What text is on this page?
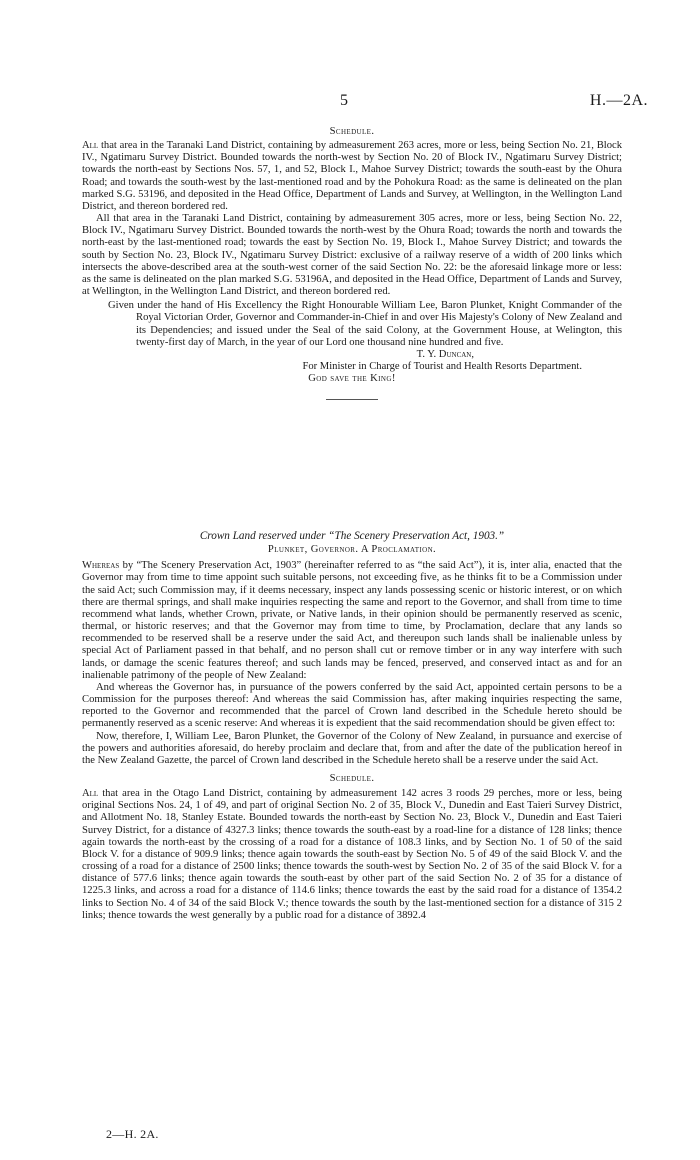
5	H.—2A.

Schedule.

All that area in the Taranaki Land District, containing by admeasurement 263 acres, more or less, being Section No. 21, Block IV., Ngatimaru Survey District. Bounded towards the north-west by Section No. 20 of Block IV., Ngatimaru Survey District; towards the north-east by Sections Nos. 57, 1, and 52, Block I., Mahoe Survey District; towards the south-east by the Ohura Road; and towards the south-west by the last-mentioned road and by the Pohokura Road: as the same is delineated on the plan marked S.G. 53196, and deposited in the Head Office, Department of Lands and Survey, at Wellington, in the Wellington Land District, and thereon bordered red.

All that area in the Taranaki Land District, containing by admeasurement 305 acres, more or less, being Section No. 22, Block IV., Ngatimaru Survey District. Bounded towards the north-west by the Ohura Road; towards the north and towards the north-east by the last-mentioned road; towards the east by Section No. 19, Block I., Mahoe Survey District; and towards the south by Section No. 23, Block IV., Ngatimaru Survey District: exclusive of a railway reserve of a width of 200 links which intersects the above-described area at the south-west corner of the said Section No. 22: be the aforesaid linkage more or less: as the same is delineated on the plan marked S.G. 53196A, and deposited in the Head Office, Department of Lands and Survey, at Wellington, in the Wellington Land District, and thereon bordered red.

Given under the hand of His Excellency the Right Honourable William Lee, Baron Plunket, Knight Commander of the Royal Victorian Order, Governor and Commander-in-Chief in and over His Majesty's Colony of New Zealand and its Dependencies; and issued under the Seal of the said Colony, at the Government House, at Welington, this twenty-first day of March, in the year of our Lord one thousand nine hundred and five.

T. Y. Duncan,

For Minister in Charge of Tourist and Health Resorts Department.

God save the King!

Crown Land reserved under “The Scenery Preservation Act, 1903.”

Plunket, Governor. A Proclamation.

Whereas by “The Scenery Preservation Act, 1903” (hereinafter referred to as “the said Act”), it is, inter alia, enacted that the Governor may from time to time appoint such suitable persons, not exceeding five, as he thinks fit to be a Commission under the said Act; such Commission may, if it deems necessary, inspect any lands possessing scenic or historic interest, or on which there are thermal springs, and shall make inquiries respecting the same and report to the Governor, and shall from time to time recommend what lands, whether Crown, private, or Native lands, in their opinion should be permanently reserved as scenic, thermal, or historic reserves; and that the Governor may from time to time, by Proclamation, declare that any lands so recommended to be reserved shall be a reserve under the said Act, and thereupon such lands shall be inalienable unless by special Act of Parliament passed in that behalf, and no person shall cut or remove timber or in any way interfere with such lands, or damage the scenic features thereof; and such lands may be fenced, preserved, and conserved intact as and for an inalienable patrimony of the people of New Zealand:

And whereas the Governor has, in pursuance of the powers conferred by the said Act, appointed certain persons to be a Commission for the purposes thereof: And whereas the said Commission has, after making inquiries respecting the same, reported to the Governor and recommended that the parcel of Crown land described in the Schedule hereto should be permanently reserved as a scenic reserve: And whereas it is expedient that the said recommendation should be given effect to:

Now, therefore, I, William Lee, Baron Plunket, the Governor of the Colony of New Zealand, in pursuance and exercise of the powers and authorities aforesaid, do hereby proclaim and declare that, from and after the date of the publication hereof in the New Zealand Gazette, the parcel of Crown land described in the Schedule hereto shall be a reserve under the said Act.

Schedule.

All that area in the Otago Land District, containing by admeasurement 142 acres 3 roods 29 perches, more or less, being original Sections Nos. 24, 1 of 49, and part of original Section No. 2 of 35, Block V., Dunedin and East Taieri Survey District, and Allotment No. 18, Stanley Estate. Bounded towards the north-east by Section No. 23, Block V., Dunedin and East Taieri Survey District, for a distance of 4327.3 links; thence towards the south-east by a road-line for a distance of 128 links; thence again towards the north-east by the crossing of a road for a distance of 108.3 links, and by Section No. 1 of 50 of the said Block V. for a distance of 909.9 links; thence again towards the south-east by Section No. 5 of 49 of the said Block V. and the crossing of a road for a distance of 2500 links; thence towards the south-west by Section No. 2 of 35 of the said Block V. for a distance of 577.6 links; thence again towards the south-east by other part of the said Section No. 2 of 35 for a distance of 1225.3 links, and across a road for a distance of 114.6 links; thence towards the east by the said road for a distance of 1354.2 links to Section No. 4 of 34 of the said Block V.; thence towards the south by the last-mentioned section for a distance of 315 2 links; thence towards the west generally by a public road for a distance of 3892.4

2—H. 2A.
